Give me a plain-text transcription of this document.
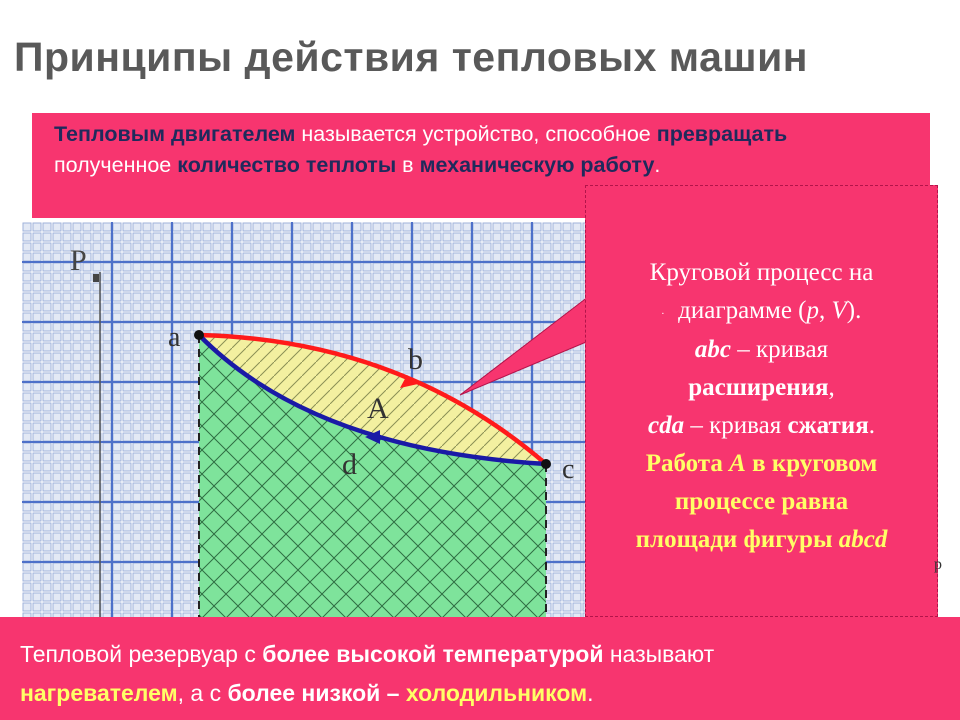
Принципы действия тепловых машин
Тепловым двигателем называется устройство, способное превращать полученное количество теплоты в механическую работу.
P
a
b
c
d
A
Круговой процесс на
. диаграмме (p, V).
abc – кривая
расширения,
cda – кривая сжатия.
Работа A в круговом
процессе равна
площади фигуры abcd
p
Тепловой резервуар с более высокой температурой называют
нагревателем, а с более низкой – холодильником.
